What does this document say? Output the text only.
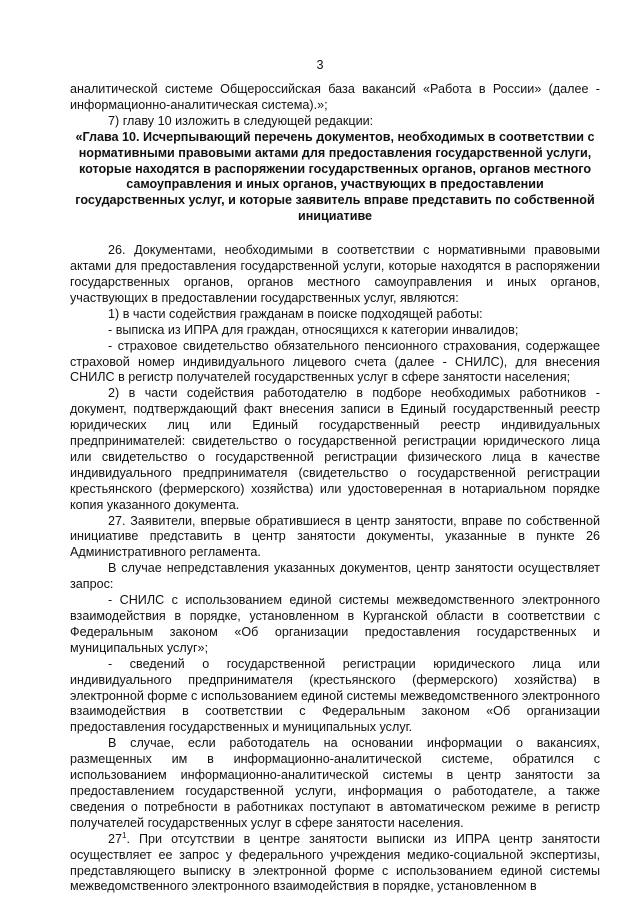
3

аналитической системе Общероссийская база вакансий «Работа в России» (далее - информационно-аналитическая система).»;

7) главу 10 изложить в следующей редакции:

«Глава 10. Исчерпывающий перечень документов, необходимых в соответствии с нормативными правовыми актами для предоставления государственной услуги, которые находятся в распоряжении государственных органов, органов местного самоуправления и иных органов, участвующих в предоставлении государственных услуг, и которые заявитель вправе представить по собственной инициативе

26. Документами, необходимыми в соответствии с нормативными правовыми актами для предоставления государственной услуги, которые находятся в распоряжении государственных органов, органов местного самоуправления и иных органов, участвующих в предоставлении государственных услуг, являются:

1) в части содействия гражданам в поиске подходящей работы:

- выписка из ИПРА для граждан, относящихся к категории инвалидов;

- страховое свидетельство обязательного пенсионного страхования, содержащее страховой номер индивидуального лицевого счета (далее - СНИЛС), для внесения СНИЛС в регистр получателей государственных услуг в сфере занятости населения;

2) в части содействия работодателю в подборе необходимых работников - документ, подтверждающий факт внесения записи в Единый государственный реестр юридических лиц или Единый государственный реестр индивидуальных предпринимателей: свидетельство о государственной регистрации юридического лица или свидетельство о государственной регистрации физического лица в качестве индивидуального предпринимателя (свидетельство о государственной регистрации крестьянского (фермерского) хозяйства) или удостоверенная в нотариальном порядке копия указанного документа.

27. Заявители, впервые обратившиеся в центр занятости, вправе по собственной инициативе представить в центр занятости документы, указанные в пункте 26 Административного регламента.

В случае непредставления указанных документов, центр занятости осуществляет запрос:

- СНИЛС с использованием единой системы межведомственного электронного взаимодействия в порядке, установленном в Курганской области в соответствии с Федеральным законом «Об организации предоставления государственных и муниципальных услуг»;

- сведений о государственной регистрации юридического лица или индивидуального предпринимателя (крестьянского (фермерского) хозяйства) в электронной форме с использованием единой системы межведомственного электронного взаимодействия в соответствии с Федеральным законом «Об организации предоставления государственных и муниципальных услуг.

В случае, если работодатель на основании информации о вакансиях, размещенных им в информационно-аналитической системе, обратился с использованием информационно-аналитической системы в центр занятости за предоставлением государственной услуги, информация о работодателе, а также сведения о потребности в работниках поступают в автоматическом режиме в регистр получателей государственных услуг в сфере занятости населения.

$27^1$. При отсутствии в центре занятости выписки из ИПРА центр занятости осуществляет ее запрос у федерального учреждения медико-социальной экспертизы, представляющего выписку в электронной форме с использованием единой системы межведомственного электронного взаимодействия в порядке, установленном в
